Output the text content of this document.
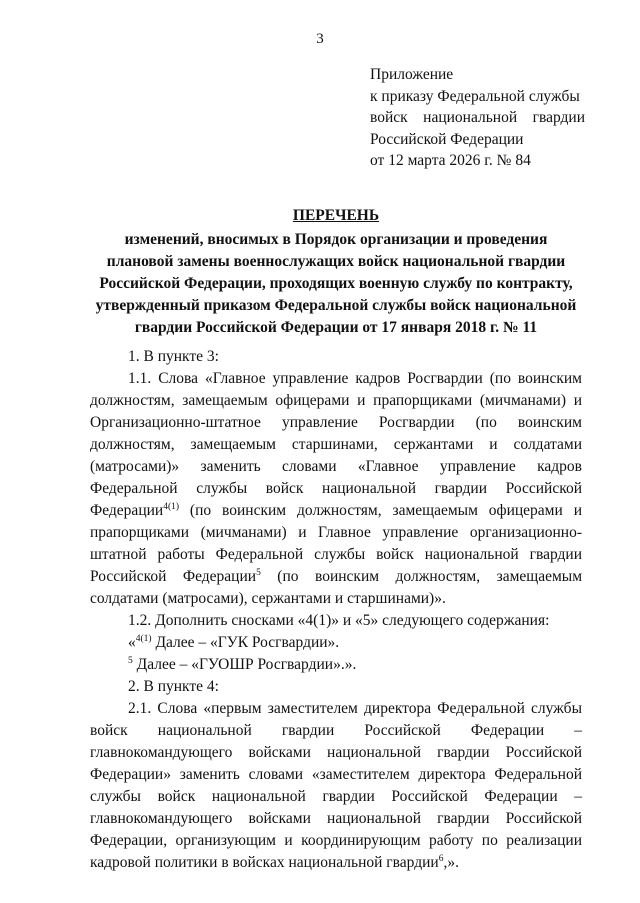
3
Приложение
к приказу Федеральной службы
войск национальной гвардии
Российской Федерации
от 12 марта 2026 г. № 84
ПЕРЕЧЕНЬ
изменений, вносимых в Порядок организации и проведения плановой замены военнослужащих войск национальной гвардии Российской Федерации, проходящих военную службу по контракту, утвержденный приказом Федеральной службы войск национальной гвардии Российской Федерации от 17 января 2018 г. № 11

1. В пункте 3:

1.1. Слова «Главное управление кадров Росгвардии (по воинским должностям, замещаемым офицерами и прапорщиками (мичманами) и Организационно-штатное управление Росгвардии (по воинским должностям, замещаемым старшинами, сержантами и солдатами (матросами)» заменить словами «Главное управление кадров Федеральной службы войск национальной гвардии Российской Федерации$^{4(1)}$ (по воинским должностям, замещаемым офицерами и прапорщиками (мичманами) и Главное управление организационно-штатной работы Федеральной службы войск национальной гвардии Российской Федерации$^5$ (по воинским должностям, замещаемым солдатами (матросами), сержантами и старшинами)».

1.2. Дополнить сносками «4(1)» и «5» следующего содержания:

«$^{4(1)}$ Далее – «ГУК Росгвардии».

$^5$ Далее – «ГУОШР Росгвардии».».

2. В пункте 4:

2.1. Слова «первым заместителем директора Федеральной службы войск национальной гвардии Российской Федерации – главнокомандующего войсками национальной гвардии Российской Федерации» заменить словами «заместителем директора Федеральной службы войск национальной гвардии Российской Федерации – главнокомандующего войсками национальной гвардии Российской Федерации, организующим и координирующим работу по реализации кадровой политики в войсках национальной гвардии$^6$,».
